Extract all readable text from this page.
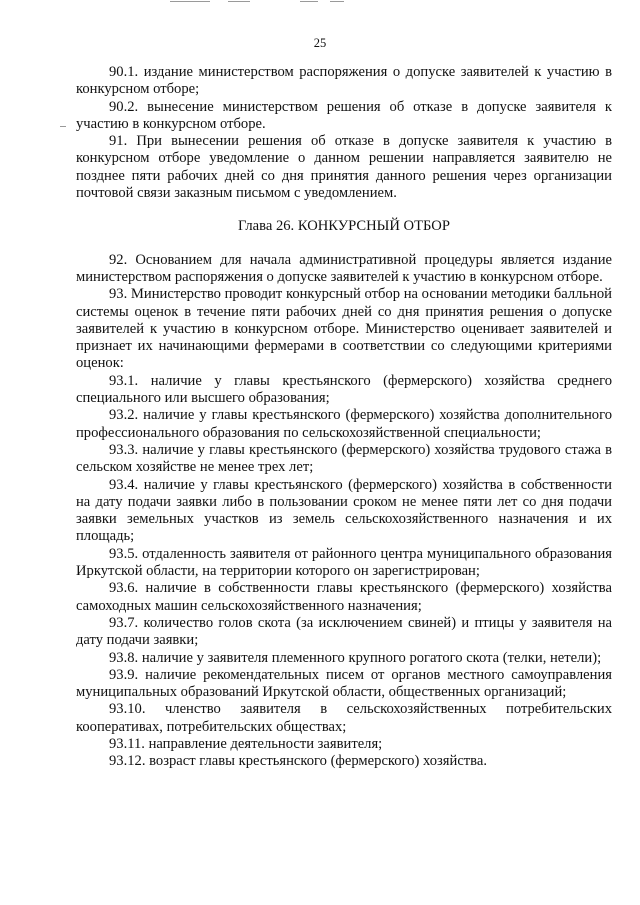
25

90.1. издание министерством распоряжения о допуске заявителей к участию в конкурсном отборе;

90.2. вынесение министерством решения об отказе в допуске заявителя к участию в конкурсном отборе.

91. При вынесении решения об отказе в допуске заявителя к участию в конкурсном отборе уведомление о данном решении направляется заявителю не позднее пяти рабочих дней со дня принятия данного решения через организации почтовой связи заказным письмом с уведомлением.

Глава 26. КОНКУРСНЫЙ ОТБОР

92. Основанием для начала административной процедуры является издание министерством распоряжения о допуске заявителей к участию в конкурсном отборе.

93. Министерство проводит конкурсный отбор на основании методики балльной системы оценок в течение пяти рабочих дней со дня принятия решения о допуске заявителей к участию в конкурсном отборе. Министерство оценивает заявителей и признает их начинающими фермерами в соответствии со следующими критериями оценок:

93.1. наличие у главы крестьянского (фермерского) хозяйства среднего специального или высшего образования;

93.2. наличие у главы крестьянского (фермерского) хозяйства дополнительного профессионального образования по сельскохозяйственной специальности;

93.3. наличие у главы крестьянского (фермерского) хозяйства трудового стажа в сельском хозяйстве не менее трех лет;

93.4. наличие у главы крестьянского (фермерского) хозяйства в собственности на дату подачи заявки либо в пользовании сроком не менее пяти лет со дня подачи заявки земельных участков из земель сельскохозяйственного назначения и их площадь;

93.5. отдаленность заявителя от районного центра муниципального образования Иркутской области, на территории которого он зарегистрирован;

93.6. наличие в собственности главы крестьянского (фермерского) хозяйства самоходных машин сельскохозяйственного назначения;

93.7. количество голов скота (за исключением свиней) и птицы у заявителя на дату подачи заявки;

93.8. наличие у заявителя племенного крупного рогатого скота (телки, нетели);

93.9. наличие рекомендательных писем от органов местного самоуправления муниципальных образований Иркутской области, общественных организаций;

93.10. членство заявителя в сельскохозяйственных потребительских кооперативах, потребительских обществах;

93.11. направление деятельности заявителя;

93.12. возраст главы крестьянского (фермерского) хозяйства.
